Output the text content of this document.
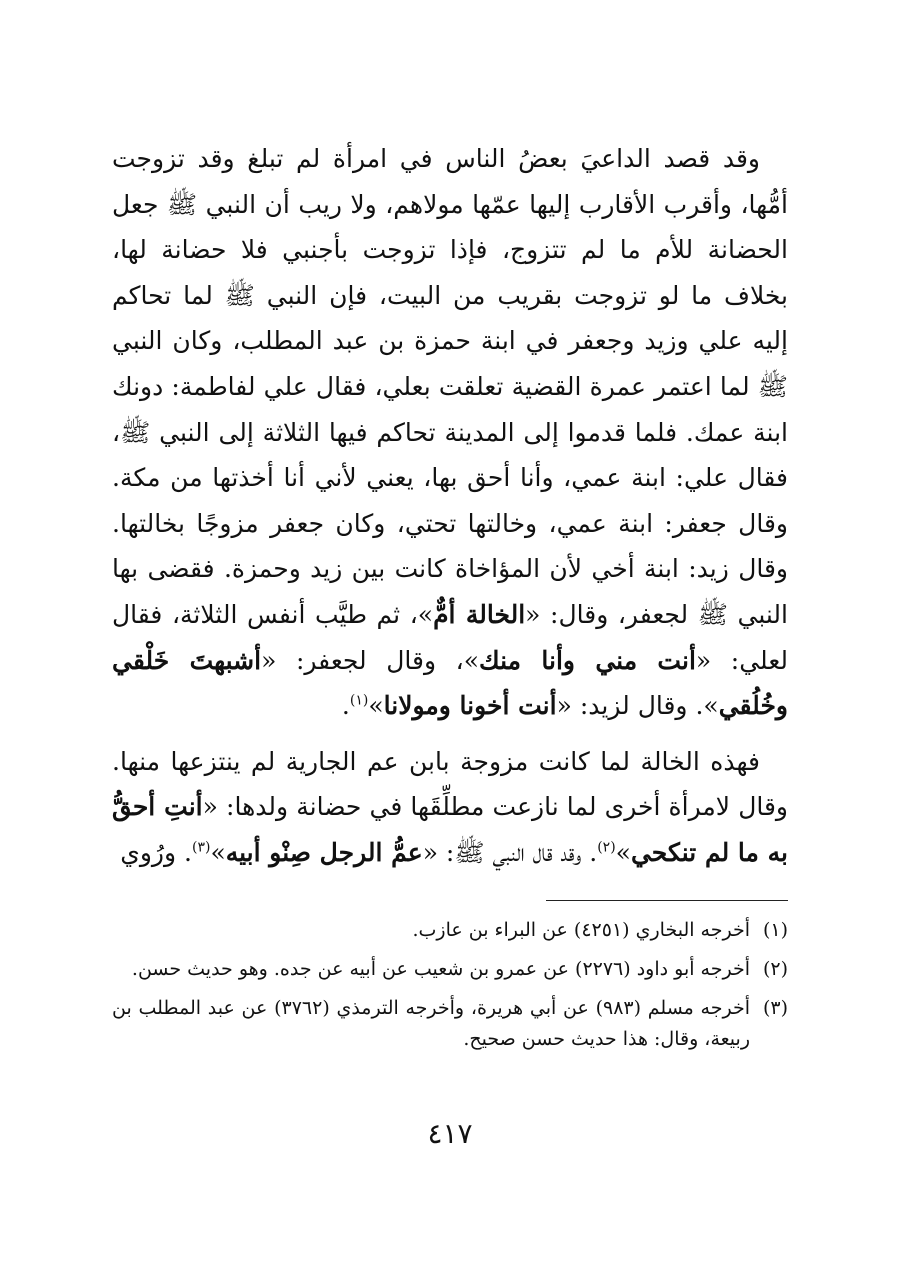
وقد قصد الداعيَ بعضُ الناس في امرأة لم تبلغ وقد تزوجت أمُّها، وأقرب الأقارب إليها عمّها مولاهم، ولا ريب أن النبي ﷺ جعل الحضانة للأم ما لم تتزوج، فإذا تزوجت بأجنبي فلا حضانة لها، بخلاف ما لو تزوجت بقريب من البيت، فإن النبي ﷺ لما تحاكم إليه علي وزيد وجعفر في ابنة حمزة بن عبد المطلب، وكان النبي ﷺ لما اعتمر عمرة القضية تعلقت بعلي، فقال علي لفاطمة: دونك ابنة عمك. فلما قدموا إلى المدينة تحاكم فيها الثلاثة إلى النبي ﷺ، فقال علي: ابنة عمي، وأنا أحق بها، يعني لأني أنا أخذتها من مكة. وقال جعفر: ابنة عمي، وخالتها تحتي، وكان جعفر مزوجًا بخالتها. وقال زيد: ابنة أخي لأن المؤاخاة كانت بين زيد وحمزة. فقضى بها النبي ﷺ لجعفر، وقال: «الخالة أمٌّ»، ثم طيَّب أنفس الثلاثة، فقال لعلي: «أنت مني وأنا منك»، وقال لجعفر: «أشبهتَ خَلْقي وخُلُقي». وقال لزيد: «أنت أخونا ومولانا»$^{(١)}$.

فهذه الخالة لما كانت مزوجة بابن عم الجارية لم ينتزعها منها. وقال لامرأة أخرى لما نازعت مطلِّقَها في حضانة ولدها: «أنتِ أحقُّ به ما لم تنكحي»$^{(٢)}$. وقد قال النبي ﷺ: «عمُّ الرجل صِنْو أبيه»$^{(٣)}$. ورُوي

(١)
أخرجه البخاري (٤٢٥١) عن البراء بن عازب.
(٢)
أخرجه أبو داود (٢٢٧٦) عن عمرو بن شعيب عن أبيه عن جده. وهو حديث حسن.
(٣)
أخرجه مسلم (٩٨٣) عن أبي هريرة، وأخرجه الترمذي (٣٧٦٢) عن عبد المطلب بن ربيعة، وقال: هذا حديث حسن صحيح.
٤١٧
